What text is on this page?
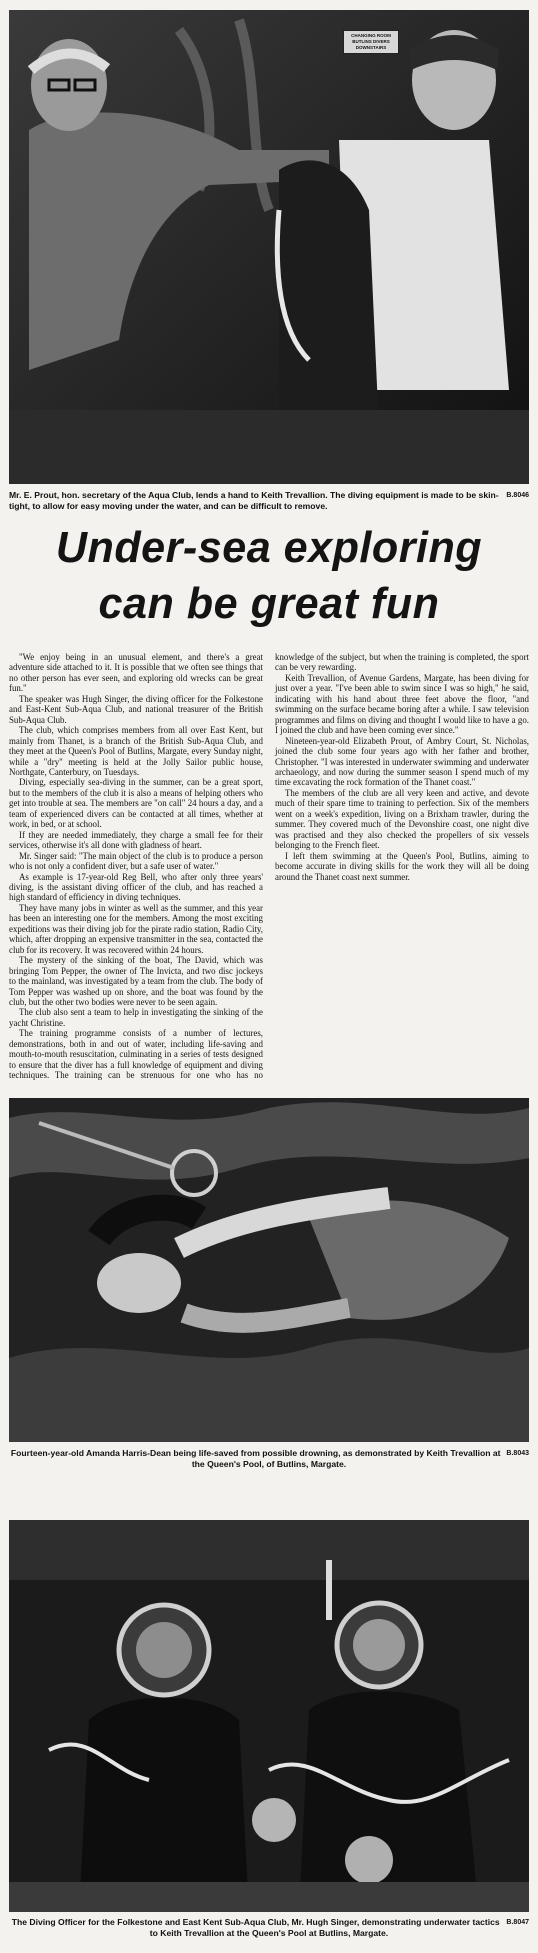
B.8046
Mr. E. Prout, hon. secretary of the Aqua Club, lends a hand to Keith Trevallion. The diving equipment is made to be skin-tight, to allow for easy moving under the water, and can be difficult to remove.
Under-sea exploring
can be great fun

"We enjoy being in an unusual element, and there's a great adventure side attached to it. It is possible that we often see things that no other person has ever seen, and exploring old wrecks can be great fun."

The speaker was Hugh Singer, the diving officer for the Folkestone and East-Kent Sub-Aqua Club, and national treasurer of the British Sub-Aqua Club.

The club, which comprises members from all over East Kent, but mainly from Thanet, is a branch of the British Sub-Aqua Club, and they meet at the Queen's Pool of Butlins, Margate, every Sunday night, while a "dry" meeting is held at the Jolly Sailor public house, Northgate, Canterbury, on Tuesdays.

Diving, especially sea-diving in the summer, can be a great sport, but to the members of the club it is also a means of helping others who get into trouble at sea. The members are "on call" 24 hours a day, and a team of experienced divers can be contacted at all times, whether at work, in bed, or at school.

If they are needed immediately, they charge a small fee for their services, otherwise it's all done with gladness of heart.

Mr. Singer said: "The main object of the club is to produce a person who is not only a confident diver, but a safe user of water."

As example is 17-year-old Reg Bell, who after only three years' diving, is the assistant diving officer of the club, and has reached a high standard of efficiency in diving techniques.

They have many jobs in winter as well as the summer, and this year has been an interesting one for the members. Among the most exciting expeditions was their diving job for the pirate radio station, Radio City, which, after dropping an expensive transmitter in the sea, contacted the club for its recovery. It was recovered within 24 hours.

The mystery of the sinking of the boat, The David, which was bringing Tom Pepper, the owner of The Invicta, and two disc jockeys to the mainland, was investigated by a team from the club. The body of Tom Pepper was washed up on shore, and the boat was found by the club, but the other two bodies were never to be seen again.

The club also sent a team to help in investigating the sinking of the yacht Christine.

The training programme consists of a number of lectures, demonstrations, both in and out of water, including life-saving and mouth-to-mouth resuscitation, culminating in a series of tests designed to ensure that the diver has a full knowledge of equipment and diving techniques. The training can be strenuous for one who has no knowledge of the subject, but when the training is completed, the sport can be very rewarding.

Keith Trevallion, of Avenue Gardens, Margate, has been diving for just over a year. "I've been able to swim since I was so high," he said, indicating with his hand about three feet above the floor, "and swimming on the surface became boring after a while. I saw television programmes and films on diving and thought I would like to have a go. I joined the club and have been coming ever since."

Nineteen-year-old Elizabeth Prout, of Ambry Court, St. Nicholas, joined the club some four years ago with her father and brother, Christopher. "I was interested in underwater swimming and underwater archaeology, and now during the summer season I spend much of my time excavating the rock formation of the Thanet coast."

The members of the club are all very keen and active, and devote much of their spare time to training to perfection. Six of the members went on a week's expedition, living on a Brixham trawler, during the summer. They covered much of the Devonshire coast, one night dive was practised and they also checked the propellers of six vessels belonging to the French fleet.

I left them swimming at the Queen's Pool, Butlins, aiming to become accurate in diving skills for the work they will all be doing around the Thanet coast next summer.

B.8043
Fourteen-year-old Amanda Harris-Dean being life-saved from possible drowning, as demonstrated by Keith Trevallion at the Queen's Pool, of Butlins, Margate.
B.8047
The Diving Officer for the Folkestone and East Kent Sub-Aqua Club, Mr. Hugh Singer, demonstrating underwater tactics to Keith Trevallion at the Queen's Pool at Butlins, Margate.
CHANGING ROOM
BUTLINS DIVERS
DOWNSTAIRS
